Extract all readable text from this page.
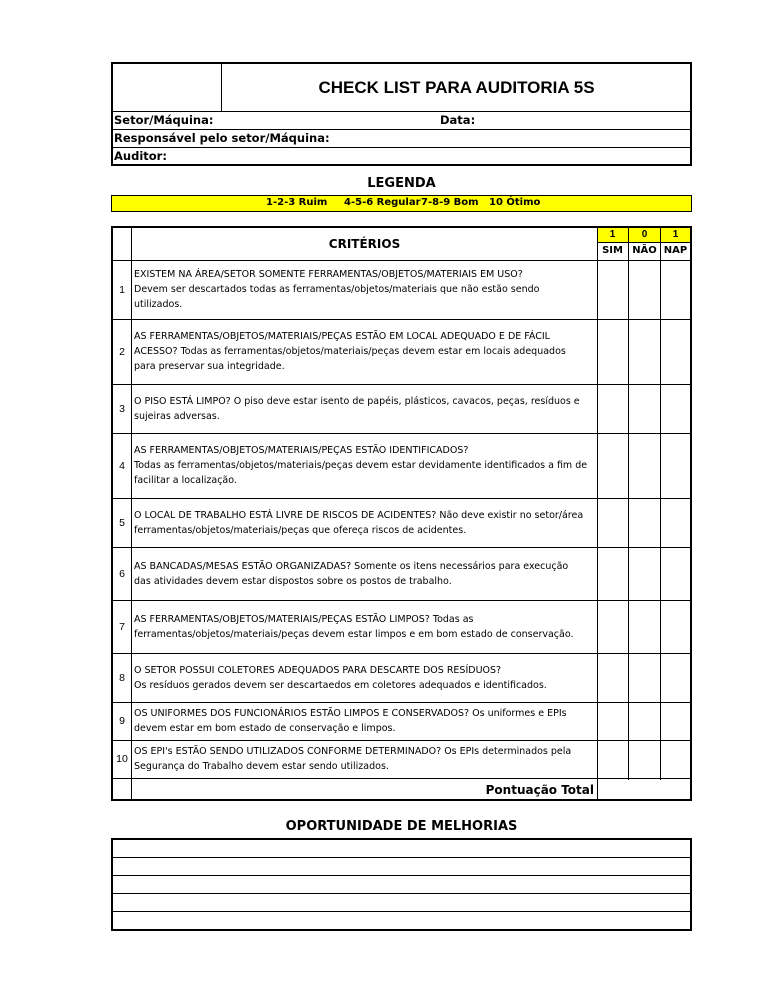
CHECK LIST PARA AUDITORIA 5S
Setor/Máquina:	Data:
Responsável pelo setor/Máquina:
Auditor:
LEGENDA
1-2-3 Ruim 4-5-6 Regular 7-8-9 Bom 10 Ótimo
CRITÉRIOS
1	0	1
SIM NÃO NAP
1
EXISTEM NA ÁREA/SETOR SOMENTE FERRAMENTAS/OBJETOS/MATERIAIS EM USO?
Devem ser descartados todas as ferramentas/objetos/materiais que não estão sendo utilizados.
2
AS FERRAMENTAS/OBJETOS/MATERIAIS/PEÇAS ESTÃO EM LOCAL ADEQUADO E DE FÁCIL ACESSO? Todas as ferramentas/objetos/materiais/peças devem estar em locais adequados para preservar sua integridade.
3
O PISO ESTÁ LIMPO? O piso deve estar isento de papéis, plásticos, cavacos, peças, resíduos e sujeiras adversas.
4
AS FERRAMENTAS/OBJETOS/MATERIAIS/PEÇAS ESTÃO IDENTIFICADOS?
Todas as ferramentas/objetos/materiais/peças devem estar devidamente identificados a fim de facilitar a localização.
5
O LOCAL DE TRABALHO ESTÁ LIVRE DE RISCOS DE ACIDENTES? Não deve existir no setor/área ferramentas/objetos/materiais/peças que ofereça riscos de acidentes.
6
AS BANCADAS/MESAS ESTÃO ORGANIZADAS? Somente os itens necessários para execução das atividades devem estar dispostos sobre os postos de trabalho.
7
AS FERRAMENTAS/OBJETOS/MATERIAIS/PEÇAS ESTÃO LIMPOS? Todas as ferramentas/objetos/materiais/peças devem estar limpos e em bom estado de conservação.
8
O SETOR POSSUI COLETORES ADEQUADOS PARA DESCARTE DOS RESÍDUOS?
Os resíduos gerados devem ser descartaedos em coletores adequados e identificados.
9
OS UNIFORMES DOS FUNCIONÁRIOS ESTÃO LIMPOS E CONSERVADOS? Os uniformes e EPIs devem estar em bom estado de conservação e limpos.
10
OS EPI's ESTÃO SENDO UTILIZADOS CONFORME DETERMINADO? Os EPIs determinados pela Segurança do Trabalho devem estar sendo utilizados.
Pontuação Total
OPORTUNIDADE DE MELHORIAS
